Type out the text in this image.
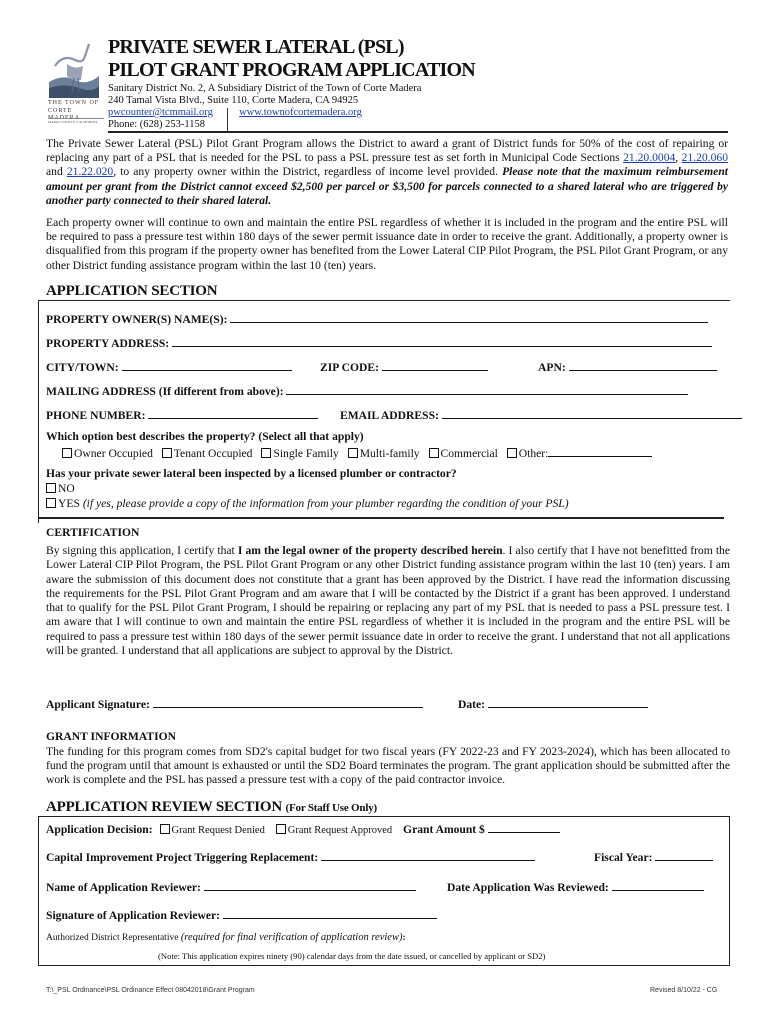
THE TOWN OF
CORTE
MARIN COUNTY, CALIFORNIA
PRIVATE SEWER LATERAL (PSL)
PILOT GRANT PROGRAM APPLICATION
Sanitary District No. 2, A Subsidiary District of the Town of Corte Madera
240 Tamal Vista Blvd., Suite 110, Corte Madera, CA 94925
pwcounter@tcmmail.org	www.townofcortemadera.org
Phone: (628) 253-1158
The Private Sewer Lateral (PSL) Pilot Grant Program allows the District to award a grant of District funds for 50% of the cost of repairing or replacing any part of a PSL that is needed for the PSL to pass a PSL pressure test as set forth in Municipal Code Sections 21.20.0004, 21.20.060 and 21.22.020, to any property owner within the District, regardless of income level provided. Please note that the maximum reimbursement amount per grant from the District cannot exceed $2,500 per parcel or $3,500 for parcels connected to a shared lateral who are triggered by another party connected to their shared lateral.
Each property owner will continue to own and maintain the entire PSL regardless of whether it is included in the program and the entire PSL will be required to pass a pressure test within 180 days of the sewer permit issuance date in order to receive the grant. Additionally, a property owner is disqualified from this program if the property owner has benefited from the Lower Lateral CIP Pilot Program, the PSL Pilot Grant Program, or any other District funding assistance program within the last 10 (ten) years.
APPLICATION SECTION
PROPERTY OWNER(S) NAME(S):
PROPERTY ADDRESS:
CITY/TOWN:	ZIP CODE:	APN:
MAILING ADDRESS (If different from above):
PHONE NUMBER:	EMAIL ADDRESS:
Which option best describes the property? (Select all that apply)
Owner Occupied Tenant Occupied Single Family Multi-family Commercial Other:
Has your private sewer lateral been inspected by a licensed plumber or contractor?
NO
YES (if yes, please provide a copy of the information from your plumber regarding the condition of your PSL)
CERTIFICATION
By signing this application, I certify that I am the legal owner of the property described herein. I also certify that I have not benefitted from the Lower Lateral CIP Pilot Program, the PSL Pilot Grant Program or any other District funding assistance program within the last 10 (ten) years. I am aware the submission of this document does not constitute that a grant has been approved by the District. I have read the information discussing the requirements for the PSL Pilot Grant Program and am aware that I will be contacted by the District if a grant has been approved. I understand that to qualify for the PSL Pilot Grant Program, I should be repairing or replacing any part of my PSL that is needed to pass a PSL pressure test. I am aware that I will continue to own and maintain the entire PSL regardless of whether it is included in the program and the entire PSL will be required to pass a pressure test within 180 days of the sewer permit issuance date in order to receive the grant. I understand that not all applications will be granted. I understand that all applications are subject to approval by the District.
Applicant Signature:	Date:
GRANT INFORMATION
The funding for this program comes from SD2's capital budget for two fiscal years (FY 2022-23 and FY 2023-2024), which has been allocated to fund the program until that amount is exhausted or until the SD2 Board terminates the program. The grant application should be submitted after the work is complete and the PSL has passed a pressure test with a copy of the paid contractor invoice.
APPLICATION REVIEW SECTION (For Staff Use Only)
Application Decision: Grant Request Denied Grant Request Approved Grant Amount $
Capital Improvement Project Triggering Replacement:	Fiscal Year:
Name of Application Reviewer:	Date Application Was Reviewed:
Signature of Application Reviewer:
Authorized District Representative (required for final verification of application review):
(Note: This application expires ninety (90) calendar days from the date issued, or cancelled by applicant or SD2)
T:\_PSL Ordinance\PSL Ordinance Effect 08042018\Grant Program	Revised 8/10/22 - CG
